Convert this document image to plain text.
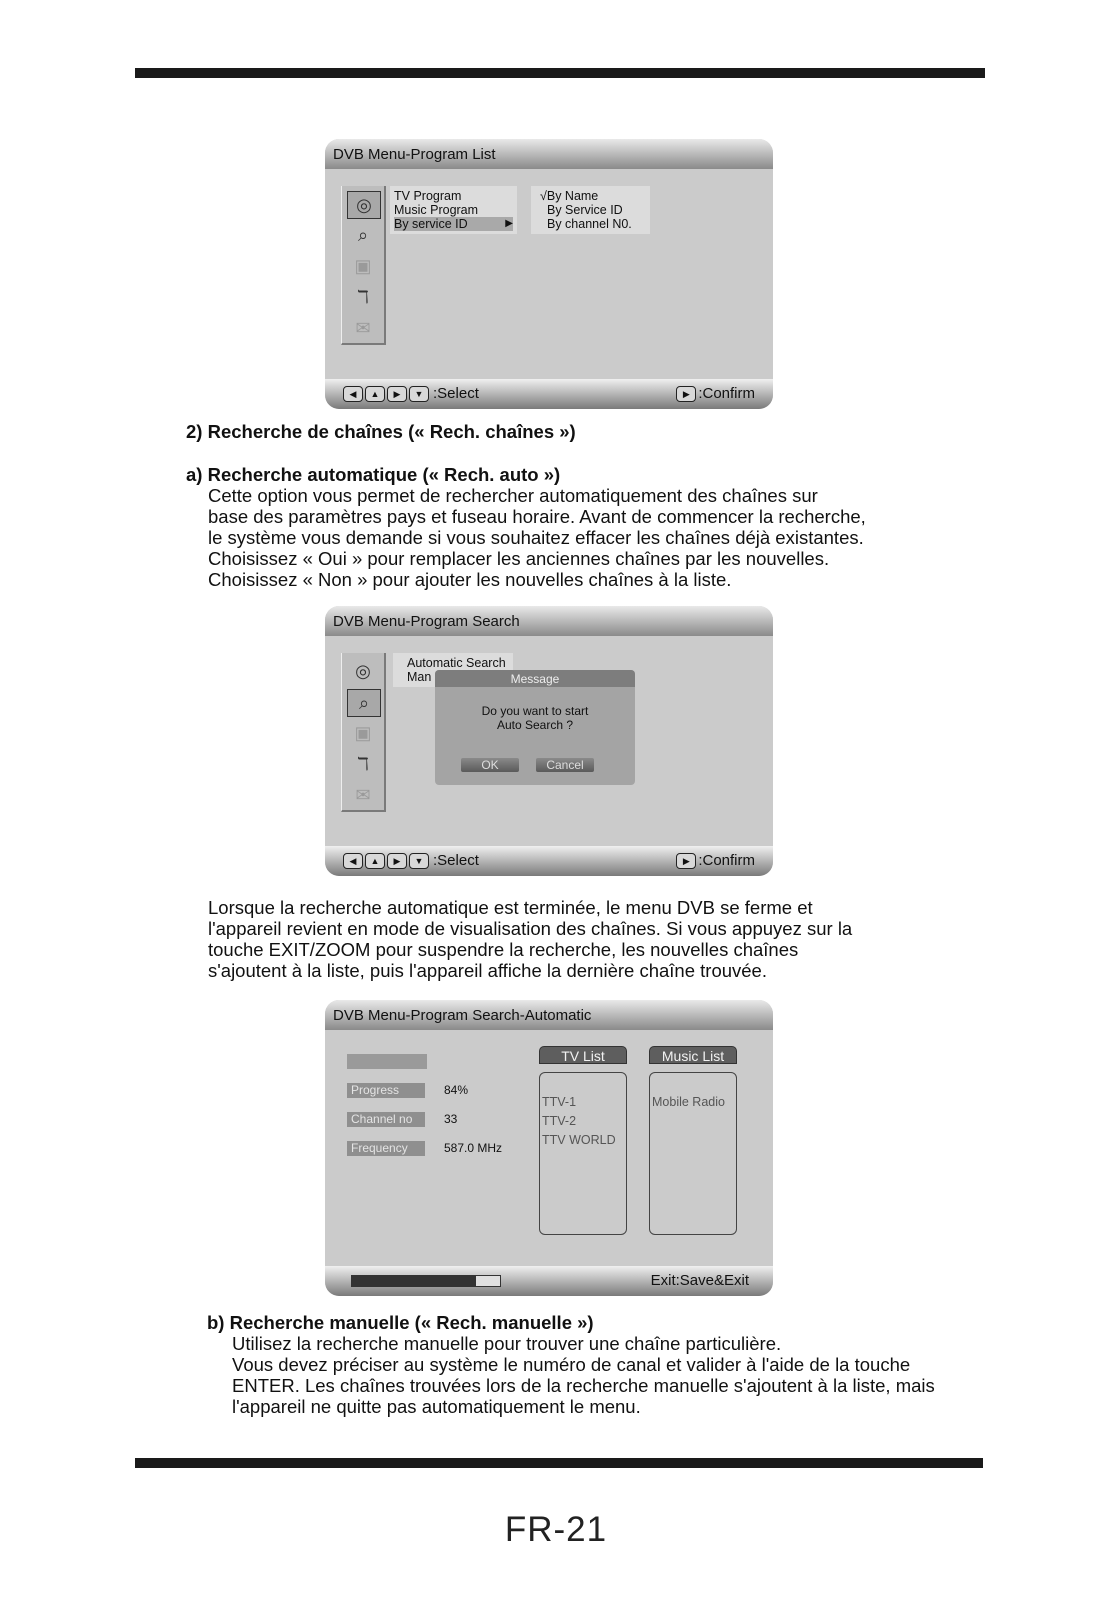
DVB Menu-Program List
◎
⌕
▣
ℸ
✉
TV Program
Music Program
By service ID	▶
√By Name
By Service ID
By channel N0.
◀	▲	▶	▼ :Select	▶ :Confirm
2) Recherche de chaînes (« Rech. chaînes »)
a) Recherche automatique (« Rech. auto »)
Cette option vous permet de rechercher automatiquement des chaînes sur
base des paramètres pays et fuseau horaire. Avant de commencer la recherche,
le système vous demande si vous souhaitez effacer les chaînes déjà existantes.
Choisissez « Oui » pour remplacer les anciennes chaînes par les nouvelles.
Choisissez « Non » pour ajouter les nouvelles chaînes à la liste.
DVB Menu-Program Search
◎
⌕
▣
ℸ
✉
Automatic Search
Man	Message
Do you want to start
Auto Search ?
OK	Cancel
◀	▲	▶	▼ :Select	▶ :Confirm
Lorsque la recherche automatique est terminée, le menu DVB se ferme et
l'appareil revient en mode de visualisation des chaînes. Si vous appuyez sur la
touche EXIT/ZOOM pour suspendre la recherche, les nouvelles chaînes
s'ajoutent à la liste, puis l'appareil affiche la dernière chaîne trouvée.
DVB Menu-Program Search-Automatic
Progress	84%
Channel no	33
Frequency	587.0 MHz
TV List
TTV-1
TTV-2
TTV WORLD
Music List
Mobile Radio
Exit:Save&Exit
b) Recherche manuelle (« Rech. manuelle »)
Utilisez la recherche manuelle pour trouver une chaîne particulière.
Vous devez préciser au système le numéro de canal et valider à l'aide de la touche
ENTER. Les chaînes trouvées lors de la recherche manuelle s'ajoutent à la liste, mais
l'appareil ne quitte pas automatiquement le menu.
FR-21
